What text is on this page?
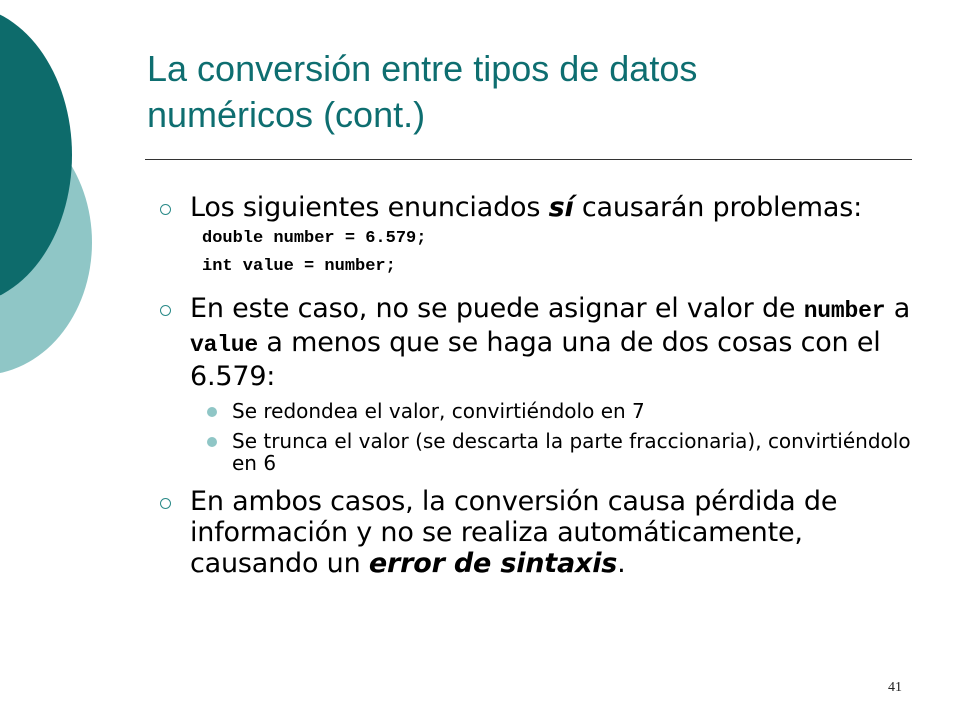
La conversión entre tipos de datos
numéricos (cont.)
Los siguientes enunciados sí causarán problemas:
double number = 6.579;
int value = number;
En este caso, no se puede asignar el valor de number a value a menos que se haga una de dos cosas con el 6.579:
Se redondea el valor, convirtiéndolo en 7
Se trunca el valor (se descarta la parte fraccionaria), convirtiéndolo en 6
En ambos casos, la conversión causa pérdida de información y no se realiza automáticamente, causando un error de sintaxis.
41
